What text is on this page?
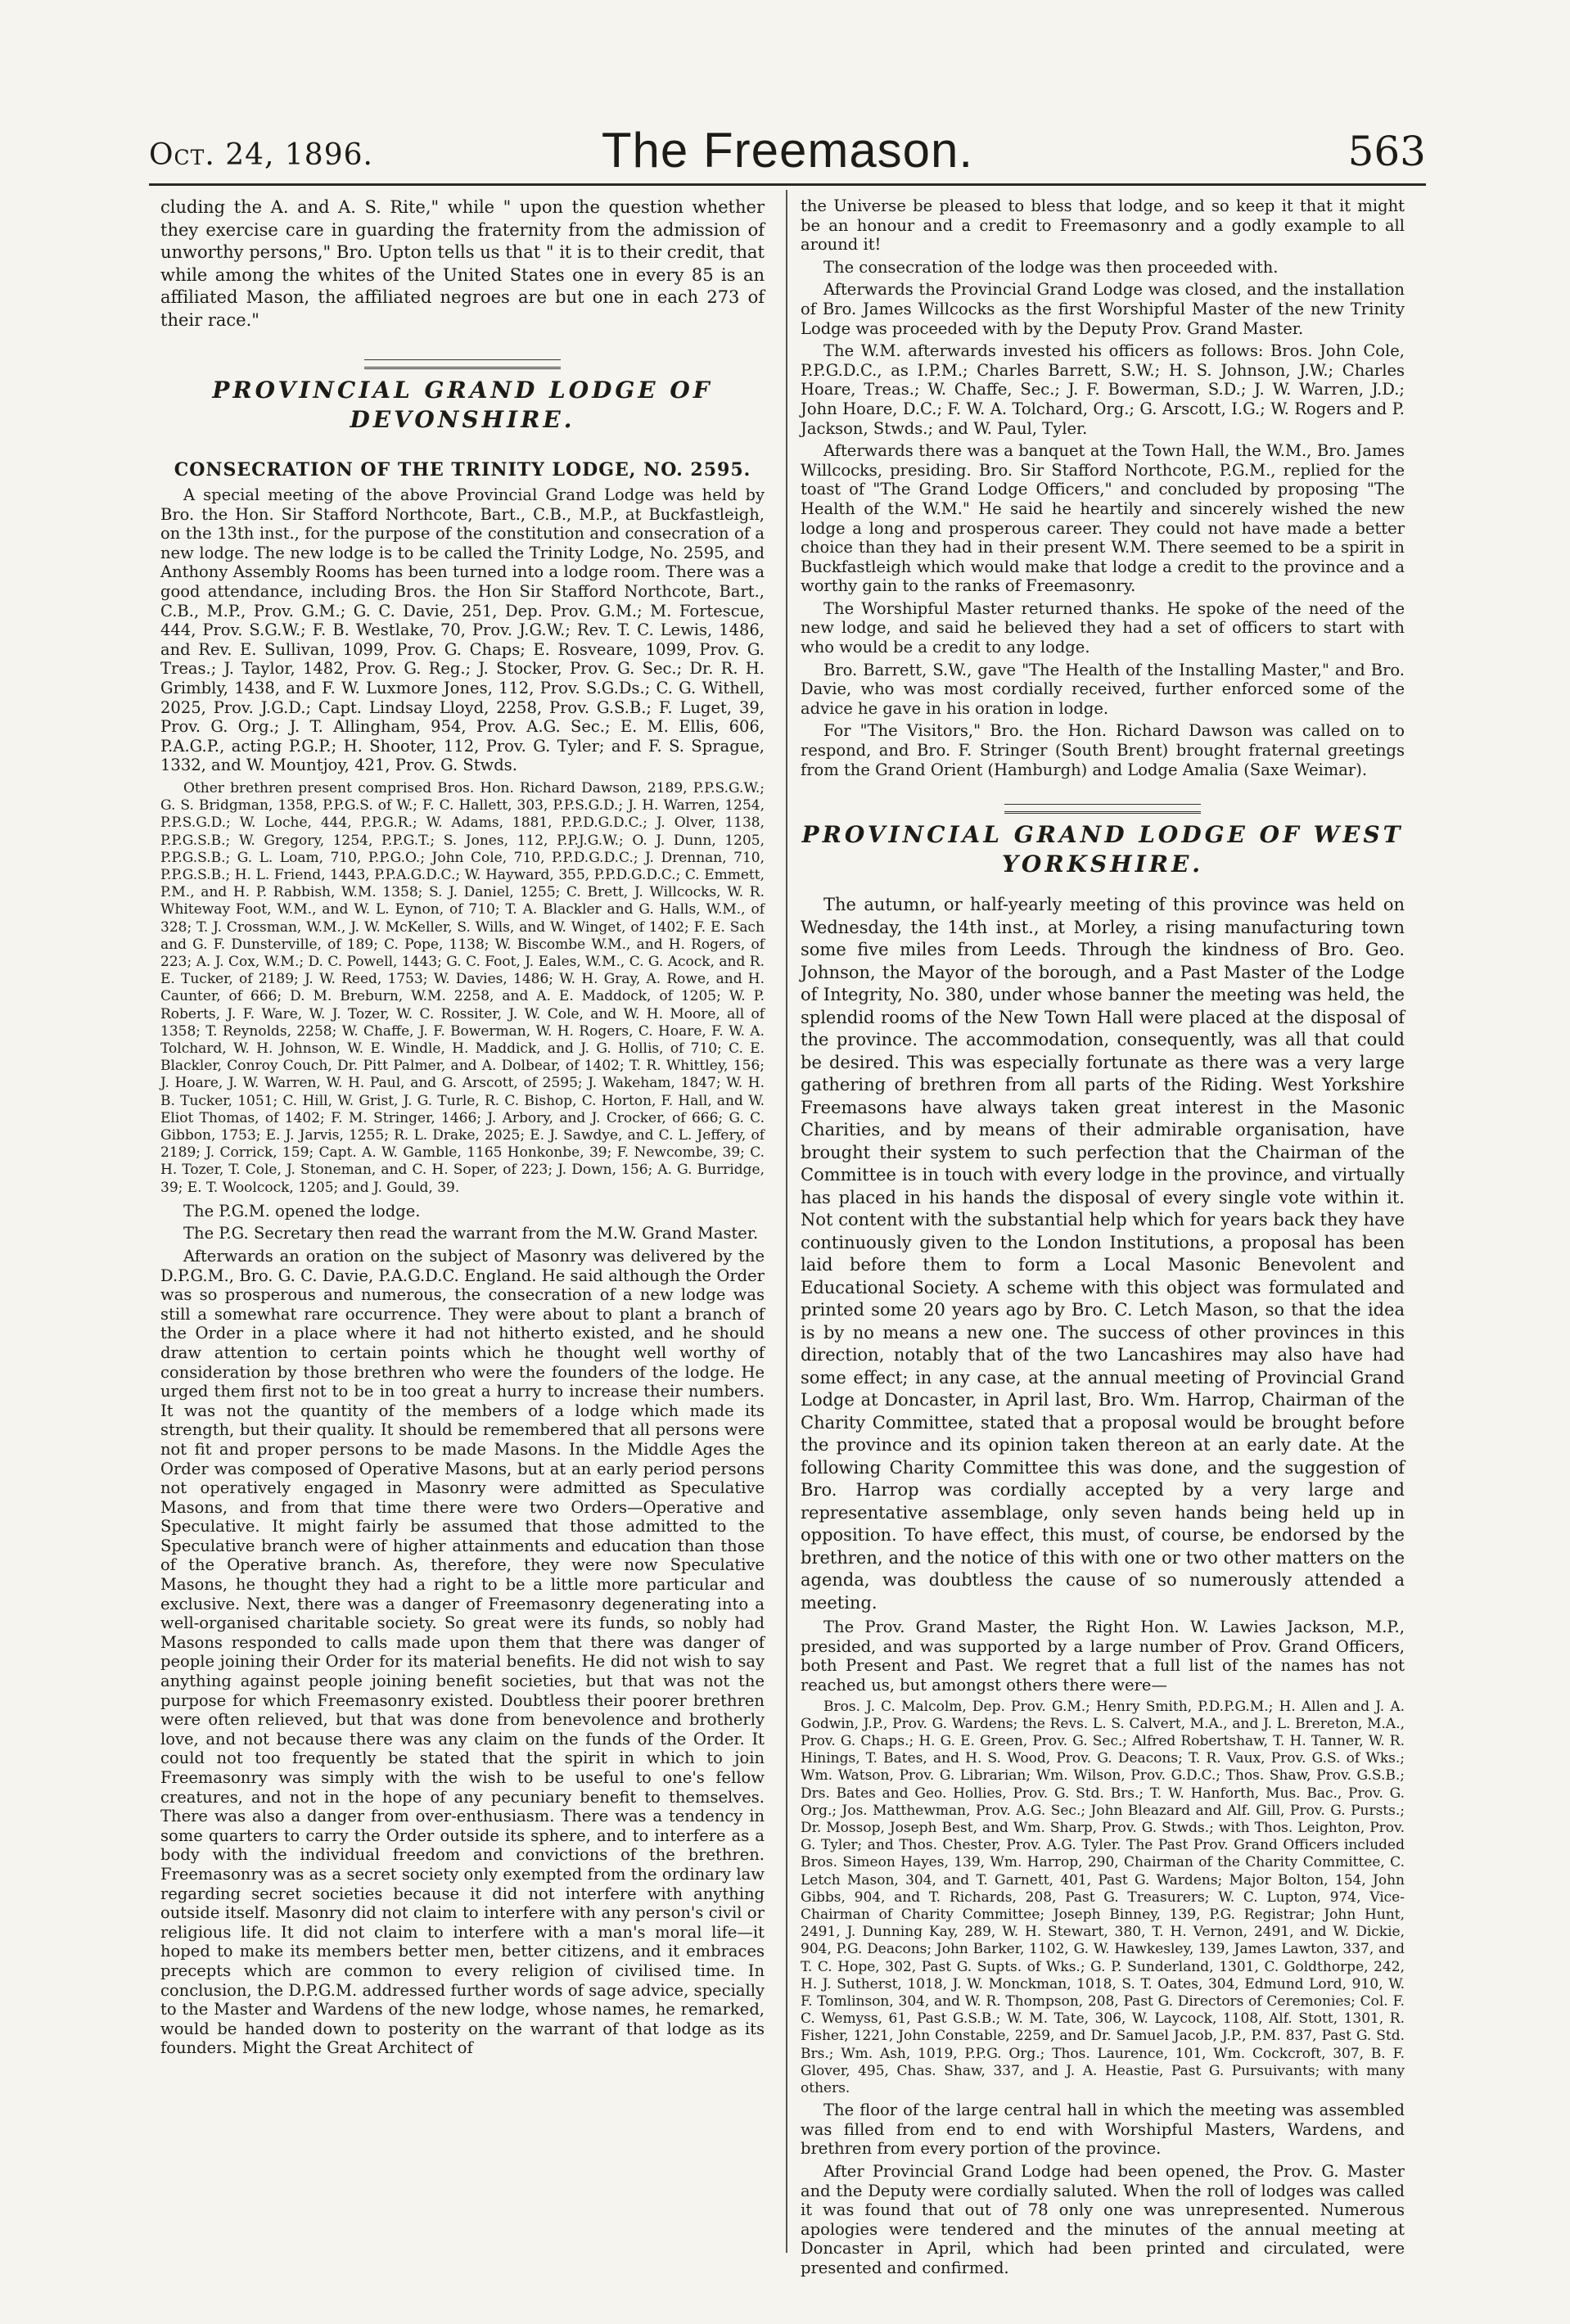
Oct. 24, 1896.	The Freemason.	563

cluding the A. and A. S. Rite," while " upon the question whether they exercise care in guarding the fraternity from the admission of unworthy persons," Bro. Upton tells us that " it is to their credit, that while among the whites of the United States one in every 85 is an affiliated Mason, the affiliated negroes are but one in each 273 of their race."

PROVINCIAL GRAND LODGE OF DEVONSHIRE.
CONSECRATION OF THE TRINITY LODGE, NO. 2595.

A special meeting of the above Provincial Grand Lodge was held by Bro. the Hon. Sir Stafford Northcote, Bart., C.B., M.P., at Buckfastleigh, on the 13th inst., for the purpose of the constitution and consecration of a new lodge. The new lodge is to be called the Trinity Lodge, No. 2595, and Anthony Assembly Rooms has been turned into a lodge room. There was a good attendance, including Bros. the Hon Sir Stafford Northcote, Bart., C.B., M.P., Prov. G.M.; G. C. Davie, 251, Dep. Prov. G.M.; M. Fortescue, 444, Prov. S.G.W.; F. B. Westlake, 70, Prov. J.G.W.; Rev. T. C. Lewis, 1486, and Rev. E. Sullivan, 1099, Prov. G. Chaps; E. Rosveare, 1099, Prov. G. Treas.; J. Taylor, 1482, Prov. G. Reg.; J. Stocker, Prov. G. Sec.; Dr. R. H. Grimbly, 1438, and F. W. Luxmore Jones, 112, Prov. S.G.Ds.; C. G. Withell, 2025, Prov. J.G.D.; Capt. Lindsay Lloyd, 2258, Prov. G.S.B.; F. Luget, 39, Prov. G. Org.; J. T. Allingham, 954, Prov. A.G. Sec.; E. M. Ellis, 606, P.A.G.P., acting P.G.P.; H. Shooter, 112, Prov. G. Tyler; and F. S. Sprague, 1332, and W. Mountjoy, 421, Prov. G. Stwds.

Other brethren present comprised Bros. Hon. Richard Dawson, 2189, P.P.S.G.W.; G. S. Bridgman, 1358, P.P.G.S. of W.; F. C. Hallett, 303, P.P.S.G.D.; J. H. Warren, 1254, P.P.S.G.D.; W. Loche, 444, P.P.G.R.; W. Adams, 1881, P.P.D.G.D.C.; J. Olver, 1138, P.P.G.S.B.; W. Gregory, 1254, P.P.G.T.; S. Jones, 112, P.P.J.G.W.; O. J. Dunn, 1205, P.P.G.S.B.; G. L. Loam, 710, P.P.G.O.; John Cole, 710, P.P.D.G.D.C.; J. Drennan, 710, P.P.G.S.B.; H. L. Friend, 1443, P.P.A.G.D.C.; W. Hayward, 355, P.P.D.G.D.C.; C. Emmett, P.M., and H. P. Rabbish, W.M. 1358; S. J. Daniel, 1255; C. Brett, J. Willcocks, W. R. Whiteway Foot, W.M., and W. L. Eynon, of 710; T. A. Blackler and G. Halls, W.M., of 328; T. J. Crossman, W.M., J. W. McKeller, S. Wills, and W. Winget, of 1402; F. E. Sach and G. F. Dunsterville, of 189; C. Pope, 1138; W. Biscombe W.M., and H. Rogers, of 223; A. J. Cox, W.M.; D. C. Powell, 1443; G. C. Foot, J. Eales, W.M., C. G. Acock, and R. E. Tucker, of 2189; J. W. Reed, 1753; W. Davies, 1486; W. H. Gray, A. Rowe, and H. Caunter, of 666; D. M. Breburn, W.M. 2258, and A. E. Maddock, of 1205; W. P. Roberts, J. F. Ware, W. J. Tozer, W. C. Rossiter, J. W. Cole, and W. H. Moore, all of 1358; T. Reynolds, 2258; W. Chaffe, J. F. Bowerman, W. H. Rogers, C. Hoare, F. W. A. Tolchard, W. H. Johnson, W. E. Windle, H. Maddick, and J. G. Hollis, of 710; C. E. Blackler, Conroy Couch, Dr. Pitt Palmer, and A. Dolbear, of 1402; T. R. Whittley, 156; J. Hoare, J. W. Warren, W. H. Paul, and G. Arscott, of 2595; J. Wakeham, 1847; W. H. B. Tucker, 1051; C. Hill, W. Grist, J. G. Turle, R. C. Bishop, C. Horton, F. Hall, and W. Eliot Thomas, of 1402; F. M. Stringer, 1466; J. Arbory, and J. Crocker, of 666; G. C. Gibbon, 1753; E. J. Jarvis, 1255; R. L. Drake, 2025; E. J. Sawdye, and C. L. Jeffery, of 2189; J. Corrick, 159; Capt. A. W. Gamble, 1165 Honkonbe, 39; F. Newcombe, 39; C. H. Tozer, T. Cole, J. Stoneman, and C. H. Soper, of 223; J. Down, 156; A. G. Burridge, 39; E. T. Woolcock, 1205; and J. Gould, 39.

The P.G.M. opened the lodge.

The P.G. Secretary then read the warrant from the M.W. Grand Master.

Afterwards an oration on the subject of Masonry was delivered by the D.P.G.M., Bro. G. C. Davie, P.A.G.D.C. England. He said although the Order was so prosperous and numerous, the consecration of a new lodge was still a somewhat rare occurrence. They were about to plant a branch of the Order in a place where it had not hitherto existed, and he should draw attention to certain points which he thought well worthy of consideration by those brethren who were the founders of the lodge. He urged them first not to be in too great a hurry to increase their numbers. It was not the quantity of the members of a lodge which made its strength, but their quality. It should be remembered that all persons were not fit and proper persons to be made Masons. In the Middle Ages the Order was composed of Operative Masons, but at an early period persons not operatively engaged in Masonry were admitted as Speculative Masons, and from that time there were two Orders—Operative and Speculative. It might fairly be assumed that those admitted to the Speculative branch were of higher attainments and education than those of the Operative branch. As, therefore, they were now Speculative Masons, he thought they had a right to be a little more particular and exclusive. Next, there was a danger of Freemasonry degenerating into a well-organised charitable society. So great were its funds, so nobly had Masons responded to calls made upon them that there was danger of people joining their Order for its material benefits. He did not wish to say anything against people joining benefit societies, but that was not the purpose for which Freemasonry existed. Doubtless their poorer brethren were often relieved, but that was done from benevolence and brotherly love, and not because there was any claim on the funds of the Order. It could not too frequently be stated that the spirit in which to join Freemasonry was simply with the wish to be useful to one's fellow creatures, and not in the hope of any pecuniary benefit to themselves. There was also a danger from over-enthusiasm. There was a tendency in some quarters to carry the Order outside its sphere, and to interfere as a body with the individual freedom and convictions of the brethren. Freemasonry was as a secret society only exempted from the ordinary law regarding secret societies because it did not interfere with anything outside itself. Masonry did not claim to interfere with any person's civil or religious life. It did not claim to interfere with a man's moral life—it hoped to make its members better men, better citizens, and it embraces precepts which are common to every religion of civilised time. In conclusion, the D.P.G.M. addressed further words of sage advice, specially to the Master and Wardens of the new lodge, whose names, he remarked, would be handed down to posterity on the warrant of that lodge as its founders. Might the Great Architect of

the Universe be pleased to bless that lodge, and so keep it that it might be an honour and a credit to Freemasonry and a godly example to all around it!

The consecration of the lodge was then proceeded with.

Afterwards the Provincial Grand Lodge was closed, and the installation of Bro. James Willcocks as the first Worshipful Master of the new Trinity Lodge was proceeded with by the Deputy Prov. Grand Master.

The W.M. afterwards invested his officers as follows: Bros. John Cole, P.P.G.D.C., as I.P.M.; Charles Barrett, S.W.; H. S. Johnson, J.W.; Charles Hoare, Treas.; W. Chaffe, Sec.; J. F. Bowerman, S.D.; J. W. Warren, J.D.; John Hoare, D.C.; F. W. A. Tolchard, Org.; G. Arscott, I.G.; W. Rogers and P. Jackson, Stwds.; and W. Paul, Tyler.

Afterwards there was a banquet at the Town Hall, the W.M., Bro. James Willcocks, presiding. Bro. Sir Stafford Northcote, P.G.M., replied for the toast of "The Grand Lodge Officers," and concluded by proposing "The Health of the W.M." He said he heartily and sincerely wished the new lodge a long and prosperous career. They could not have made a better choice than they had in their present W.M. There seemed to be a spirit in Buckfastleigh which would make that lodge a credit to the province and a worthy gain to the ranks of Freemasonry.

The Worshipful Master returned thanks. He spoke of the need of the new lodge, and said he believed they had a set of officers to start with who would be a credit to any lodge.

Bro. Barrett, S.W., gave "The Health of the Installing Master," and Bro. Davie, who was most cordially received, further enforced some of the advice he gave in his oration in lodge.

For "The Visitors," Bro. the Hon. Richard Dawson was called on to respond, and Bro. F. Stringer (South Brent) brought fraternal greetings from the Grand Orient (Hamburgh) and Lodge Amalia (Saxe Weimar).

PROVINCIAL GRAND LODGE OF WEST
YORKSHIRE.

The autumn, or half-yearly meeting of this province was held on Wednesday, the 14th inst., at Morley, a rising manufacturing town some five miles from Leeds. Through the kindness of Bro. Geo. Johnson, the Mayor of the borough, and a Past Master of the Lodge of Integrity, No. 380, under whose banner the meeting was held, the splendid rooms of the New Town Hall were placed at the disposal of the province. The accommodation, consequently, was all that could be desired. This was especially fortunate as there was a very large gathering of brethren from all parts of the Riding. West Yorkshire Freemasons have always taken great interest in the Masonic Charities, and by means of their admirable organisation, have brought their system to such perfection that the Chairman of the Committee is in touch with every lodge in the province, and virtually has placed in his hands the disposal of every single vote within it. Not content with the substantial help which for years back they have continuously given to the London Institutions, a proposal has been laid before them to form a Local Masonic Benevolent and Educational Society. A scheme with this object was formulated and printed some 20 years ago by Bro. C. Letch Mason, so that the idea is by no means a new one. The success of other provinces in this direction, notably that of the two Lancashires may also have had some effect; in any case, at the annual meeting of Provincial Grand Lodge at Doncaster, in April last, Bro. Wm. Harrop, Chairman of the Charity Committee, stated that a proposal would be brought before the province and its opinion taken thereon at an early date. At the following Charity Committee this was done, and the suggestion of Bro. Harrop was cordially accepted by a very large and representative assemblage, only seven hands being held up in opposition. To have effect, this must, of course, be endorsed by the brethren, and the notice of this with one or two other matters on the agenda, was doubtless the cause of so numerously attended a meeting.

The Prov. Grand Master, the Right Hon. W. Lawies Jackson, M.P., presided, and was supported by a large number of Prov. Grand Officers, both Present and Past. We regret that a full list of the names has not reached us, but amongst others there were—

Bros. J. C. Malcolm, Dep. Prov. G.M.; Henry Smith, P.D.P.G.M.; H. Allen and J. A. Godwin, J.P., Prov. G. Wardens; the Revs. L. S. Calvert, M.A., and J. L. Brereton, M.A., Prov. G. Chaps.; H. G. E. Green, Prov. G. Sec.; Alfred Robertshaw, T. H. Tanner, W. R. Hinings, T. Bates, and H. S. Wood, Prov. G. Deacons; T. R. Vaux, Prov. G.S. of Wks.; Wm. Watson, Prov. G. Librarian; Wm. Wilson, Prov. G.D.C.; Thos. Shaw, Prov. G.S.B.; Drs. Bates and Geo. Hollies, Prov. G. Std. Brs.; T. W. Hanforth, Mus. Bac., Prov. G. Org.; Jos. Matthewman, Prov. A.G. Sec.; John Bleazard and Alf. Gill, Prov. G. Pursts.; Dr. Mossop, Joseph Best, and Wm. Sharp, Prov. G. Stwds.; with Thos. Leighton, Prov. G. Tyler; and Thos. Chester, Prov. A.G. Tyler. The Past Prov. Grand Officers included Bros. Simeon Hayes, 139, Wm. Harrop, 290, Chairman of the Charity Committee, C. Letch Mason, 304, and T. Garnett, 401, Past G. Wardens; Major Bolton, 154, John Gibbs, 904, and T. Richards, 208, Past G. Treasurers; W. C. Lupton, 974, Vice-Chairman of Charity Committee; Joseph Binney, 139, P.G. Registrar; John Hunt, 2491, J. Dunning Kay, 289, W. H. Stewart, 380, T. H. Vernon, 2491, and W. Dickie, 904, P.G. Deacons; John Barker, 1102, G. W. Hawkesley, 139, James Lawton, 337, and T. C. Hope, 302, Past G. Supts. of Wks.; G. P. Sunderland, 1301, C. Goldthorpe, 242, H. J. Sutherst, 1018, J. W. Monckman, 1018, S. T. Oates, 304, Edmund Lord, 910, W. F. Tomlinson, 304, and W. R. Thompson, 208, Past G. Directors of Ceremonies; Col. F. C. Wemyss, 61, Past G.S.B.; W. M. Tate, 306, W. Laycock, 1108, Alf. Stott, 1301, R. Fisher, 1221, John Constable, 2259, and Dr. Samuel Jacob, J.P., P.M. 837, Past G. Std. Brs.; Wm. Ash, 1019, P.P.G. Org.; Thos. Laurence, 101, Wm. Cockcroft, 307, B. F. Glover, 495, Chas. Shaw, 337, and J. A. Heastie, Past G. Pursuivants; with many others.

The floor of the large central hall in which the meeting was assembled was filled from end to end with Worshipful Masters, Wardens, and brethren from every portion of the province.

After Provincial Grand Lodge had been opened, the Prov. G. Master and the Deputy were cordially saluted. When the roll of lodges was called it was found that out of 78 only one was unrepresented. Numerous apologies were tendered and the minutes of the annual meeting at Doncaster in April, which had been printed and circulated, were presented and confirmed.
